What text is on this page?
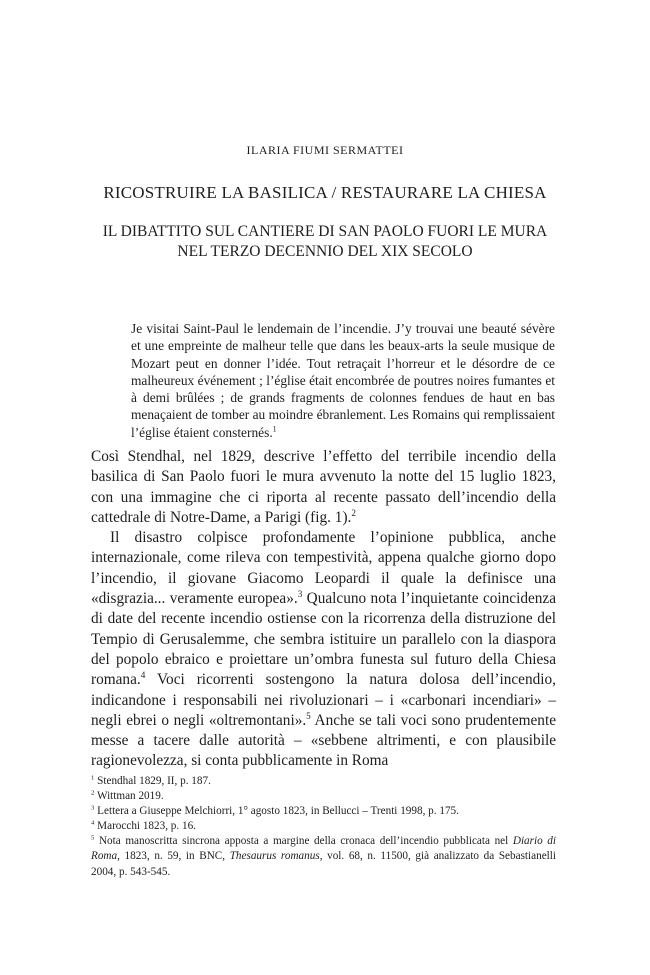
ILARIA FIUMI SERMATTEI
RICOSTRUIRE LA BASILICA / RESTAURARE LA CHIESA
IL DIBATTITO SUL CANTIERE DI SAN PAOLO FUORI LE MURA
NEL TERZO DECENNIO DEL XIX SECOLO
Je visitai Saint-Paul le lendemain de l’incendie. J’y trouvai une beauté sévère et une empreinte de malheur telle que dans les beaux-arts la seule musique de Mozart peut en donner l’idée. Tout retraçait l’horreur et le désordre de ce malheureux événement ; l’église était encombrée de poutres noires fumantes et à demi brûlées ; de grands fragments de colonnes fendues de haut en bas menaçaient de tomber au moindre ébranlement. Les Romains qui remplissaient l’église étaient consternés.$^1$

Così Stendhal, nel 1829, descrive l’effetto del terribile incendio della basilica di San Paolo fuori le mura avvenuto la notte del 15 luglio 1823, con una immagine che ci riporta al recente passato dell’incendio della cattedrale di Notre-Dame, a Parigi (fig. 1).$^2$

Il disastro colpisce profondamente l’opinione pubblica, anche internazionale, come rileva con tempestività, appena qualche giorno dopo l’incendio, il giovane Giacomo Leopardi il quale la definisce una «disgrazia... veramente europea».$^3$ Qualcuno nota l’inquietante coincidenza di date del recente incendio ostiense con la ricorrenza della distruzione del Tempio di Gerusalemme, che sembra istituire un parallelo con la diaspora del popolo ebraico e proiettare un’ombra funesta sul futuro della Chiesa romana.$^4$ Voci ricorrenti sostengono la natura dolosa dell’incendio, indicandone i responsabili nei rivoluzionari – i «carbonari incendiari» – negli ebrei o negli «oltremontani».$^5$ Anche se tali voci sono prudentemente messe a tacere dalle autorità – «sebbene altrimenti, e con plausibile ragionevolezza, si conta pubblicamente in Roma

$^1$ Stendhal 1829, II, p. 187.

$^2$ Wittman 2019.

$^3$ Lettera a Giuseppe Melchiorri, 1° agosto 1823, in Bellucci – Trenti 1998, p. 175.

$^4$ Marocchi 1823, p. 16.

$^5$ Nota manoscritta sincrona apposta a margine della cronaca dell’incendio pubblicata nel Diario di Roma, 1823, n. 59, in BNC, Thesaurus romanus, vol. 68, n. 11500, già analizzato da Sebastianelli 2004, p. 543-545.
